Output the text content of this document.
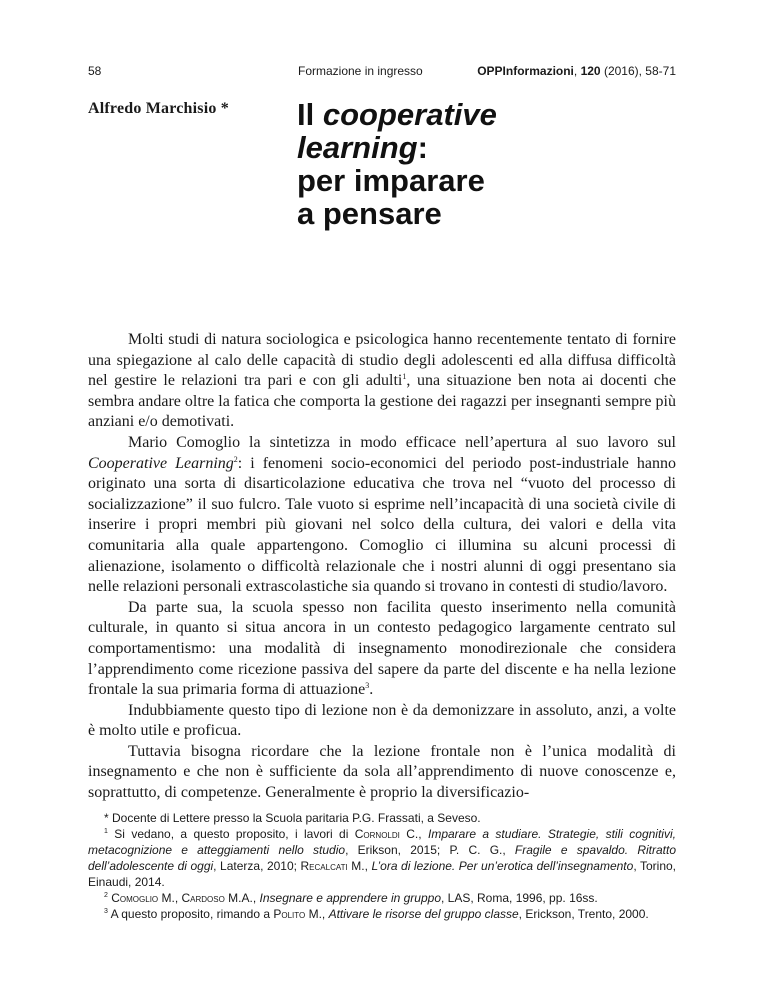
58	Formazione in ingresso	OPPInformazioni, 120 (2016), 58-71
Alfredo Marchisio * Il cooperative
learning:
per imparare
a pensare

Molti studi di natura sociologica e psicologica hanno recentemente tentato di fornire una spiegazione al calo delle capacità di studio degli adolescenti ed alla diffusa difficoltà nel gestire le relazioni tra pari e con gli adulti$^1$, una situazione ben nota ai docenti che sembra andare oltre la fatica che comporta la gestione dei ragazzi per insegnanti sempre più anziani e/o demotivati.

Mario Comoglio la sintetizza in modo efficace nell’apertura al suo lavoro sul Cooperative Learning$^2$: i fenomeni socio-economici del periodo post-industriale hanno originato una sorta di disarticolazione educativa che trova nel “vuoto del processo di socializzazione” il suo fulcro. Tale vuoto si esprime nell’incapacità di una società civile di inserire i propri membri più giovani nel solco della cultura, dei valori e della vita comunitaria alla quale appartengono. Comoglio ci illumina su alcuni processi di alienazione, isolamento o difficoltà relazionale che i nostri alunni di oggi presentano sia nelle relazioni personali extrascolastiche sia quando si trovano in contesti di studio/lavoro.

Da parte sua, la scuola spesso non facilita questo inserimento nella comunità culturale, in quanto si situa ancora in un contesto pedagogico largamente centrato sul comportamentismo: una modalità di insegnamento monodirezionale che considera l’apprendimento come ricezione passiva del sapere da parte del discente e ha nella lezione frontale la sua primaria forma di attuazione$^3$.

Indubbiamente questo tipo di lezione non è da demonizzare in assoluto, anzi, a volte è molto utile e proficua.

Tuttavia bisogna ricordare che la lezione frontale non è l’unica modalità di insegnamento e che non è sufficiente da sola all’apprendimento di nuove conoscenze e, soprattutto, di competenze. Generalmente è proprio la diversificazio-

* Docente di Lettere presso la Scuola paritaria P.G. Frassati, a Seveso.

$^1$ Si vedano, a questo proposito, i lavori di Cornoldi C., Imparare a studiare. Strategie, stili cognitivi, metacognizione e atteggiamenti nello studio, Erikson, 2015; P. C. G., Fragile e spavaldo. Ritratto dell’adolescente di oggi, Laterza, 2010; Recalcati M., L’ora di lezione. Per un’erotica dell’insegnamento, Torino, Einaudi, 2014.

$^2$ Comoglio M., Cardoso M.A., Insegnare e apprendere in gruppo, LAS, Roma, 1996, pp. 16ss.

$^3$ A questo proposito, rimando a Polito M., Attivare le risorse del gruppo classe, Erickson, Trento, 2000.
